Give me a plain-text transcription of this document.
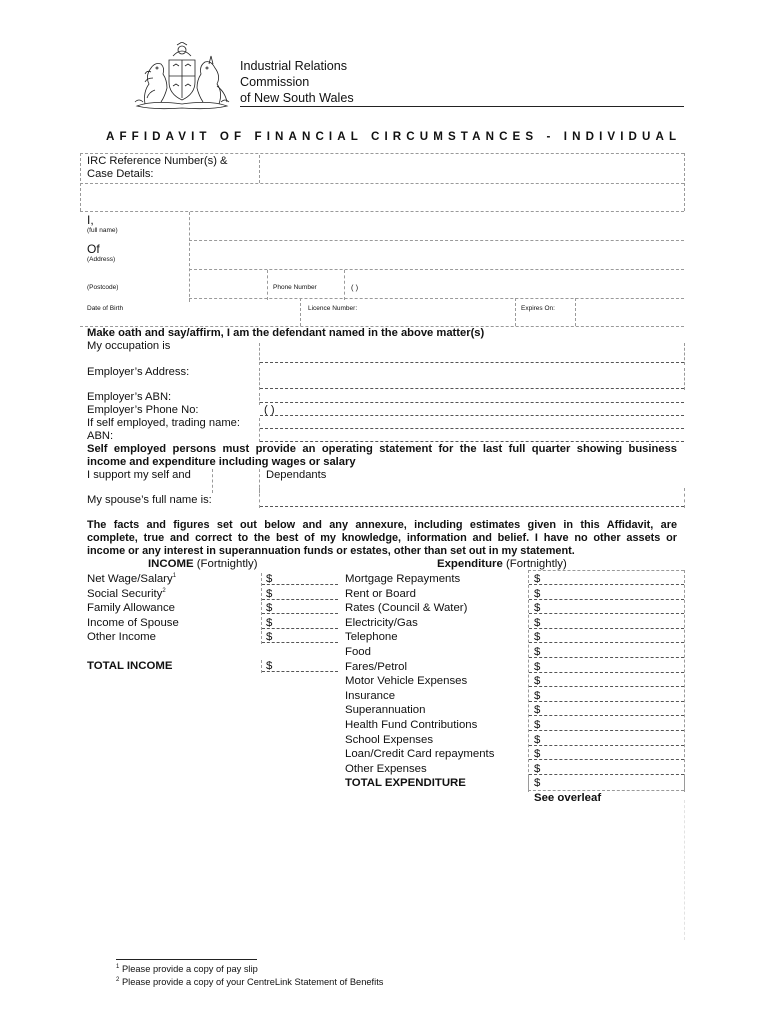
Industrial Relations
Commission
of New South Wales
AFFIDAVIT OF FINANCIAL CIRCUMSTANCES - INDIVIDUAL
IRC Reference Number(s) &
Case Details:
I,
(full name)
Of
(Address)
(Postcode)	Phone Number	( )
Date of Birth	Licence Number:	Expires On:
Make oath and say/affirm, I am the defendant named in the above matter(s)
My occupation is
Employer’s Address:
Employer’s ABN:
Employer’s Phone No:	( )
If self employed, trading name:
ABN:
Self employed persons must provide an operating statement for the last full quarter showing business
income and expenditure including wages or salary
I support my self and	Dependants
My spouse’s full name is:
The facts and figures set out below and any annexure, including estimates given in this Affidavit, are
complete, true and correct to the best of my knowledge, information and belief. I have no other assets or
income or any interest in superannuation funds or estates, other than set out in my statement.
INCOME (Fortnightly)
Net Wage/Salary$^1$	$
Social Security$^2$	$
Family Allowance	$
Income of Spouse	$
Other Income	$
TOTAL INCOME	$
Expenditure (Fortnightly)
Mortgage Repayments	$
Rent or Board	$
Rates (Council & Water)	$
Electricity/Gas	$
Telephone	$
Food	$
Fares/Petrol	$
Motor Vehicle Expenses	$
Insurance	$
Superannuation	$
Health Fund Contributions	$
School Expenses	$
Loan/Credit Card repayments	$
Other Expenses	$
TOTAL EXPENDITURE	$
See overleaf
$^1$ Please provide a copy of pay slip
$^2$ Please provide a copy of your CentreLink Statement of Benefits
